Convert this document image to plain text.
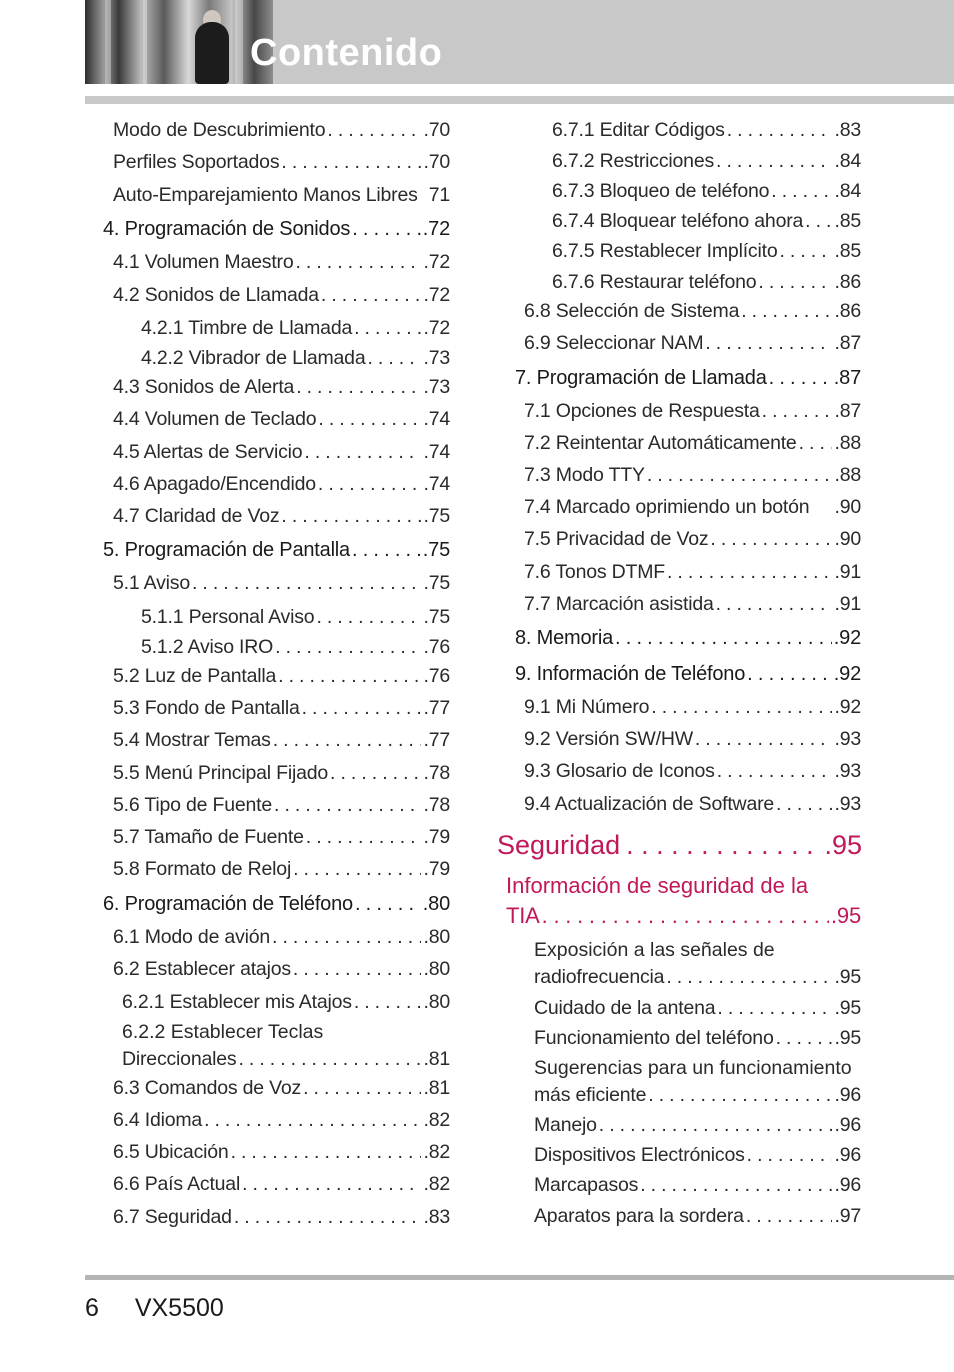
Contenido
Modo de Descubrimiento . . .	.70
Perfiles Soportados . . .	.70
Auto-Emparejamiento Manos Libres 71
4. Programación de Sonidos . . .	.72
4.1 Volumen Maestro . . .	.72
4.2 Sonidos de Llamada . . .	.72
4.2.1 Timbre de Llamada . . .	.72
4.2.2 Vibrador de Llamada . . .	.73
4.3 Sonidos de Alerta . . .	.73
4.4 Volumen de Teclado . . .	.74
4.5 Alertas de Servicio . . .	.74
4.6 Apagado/Encendido . . .	.74
4.7 Claridad de Voz . . .	.75
5. Programación de Pantalla . . .	.75
5.1 Aviso . . .	.75
5.1.1 Personal Aviso . . .	.75
5.1.2 Aviso IRO . . .	.76
5.2 Luz de Pantalla . . .	.76
5.3 Fondo de Pantalla . . .	.77
5.4 Mostrar Temas . . .	.77
5.5 Menú Principal Fijado . . .	.78
5.6 Tipo de Fuente . . .	.78
5.7 Tamaño de Fuente . . .	.79
5.8 Formato de Reloj . . .	.79
6. Programación de Teléfono . . .	.80
6.1 Modo de avión . . .	.80
6.2 Establecer atajos . . .	.80
6.2.1 Establecer mis Atajos . . .	.80
6.2.2 Establecer Teclas
Direccionales . . .	.81
6.3 Comandos de Voz . . .	.81
6.4 Idioma . . .	.82
6.5 Ubicación . . .	.82
6.6 País Actual . . .	.82
6.7 Seguridad . . .	.83
6.7.1 Editar Códigos . . .	.83
6.7.2 Restricciones . . .	.84
6.7.3 Bloqueo de teléfono . . .	.84
6.7.4 Bloquear teléfono ahora . . . .85
6.7.5 Restablecer Implícito . . .	.85
6.7.6 Restaurar teléfono . . .	.86
6.8 Selección de Sistema . . .	.86
6.9 Seleccionar NAM . . .	.87
7. Programación de Llamada . . .	.87
7.1 Opciones de Respuesta . . .	.87
7.2 Reintentar Automáticamente . . . .88
7.3 Modo TTY . . .	.88
7.4 Marcado oprimiendo un botón .90
7.5 Privacidad de Voz . . .	.90
7.6 Tonos DTMF . . .	.91
7.7 Marcación asistida . . .	.91
8. Memoria . . .	.92
9. Información de Teléfono . . .	.92
9.1 Mi Número . . .	.92
9.2 Versión SW/HW . . .	.93
9.3 Glosario de Iconos . . .	.93
9.4 Actualización de Software . . .	.93
Seguridad . . .	.95
Información de seguridad de la
TIA . . .	.95
Exposición a las señales de
radiofrecuencia . . .	.95
Cuidado de la antena . . .	.95
Funcionamiento del teléfono . . .	.95
Sugerencias para un funcionamiento
más eficiente . . .	.96
Manejo . . .	.96
Dispositivos Electrónicos . . .	.96
Marcapasos . . .	.96
Aparatos para la sordera . . .	.97
6 VX5500
